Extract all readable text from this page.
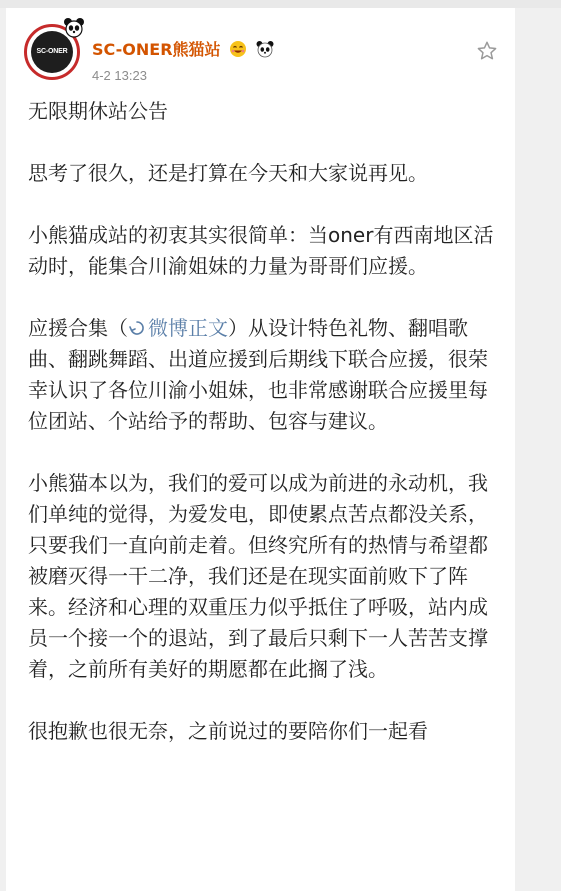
SC-ONER	SC-ONER熊猫站
4-2 13:23

无限期休站公告

思考了很久，还是打算在今天和大家说再见。

小熊猫成站的初衷其实很简单：当oner有西南地区活动时，能集合川渝姐妹的力量为哥哥们应援。

应援合集（ 微博正文）从设计特色礼物、翻唱歌曲、翻跳舞蹈、出道应援到后期线下联合应援，很荣幸认识了各位川渝小姐妹，也非常感谢联合应援里每位团站、个站给予的帮助、包容与建议。

小熊猫本以为，我们的爱可以成为前进的永动机，我们单纯的觉得，为爱发电，即使累点苦点都没关系，只要我们一直向前走着。但终究所有的热情与希望都被磨灭得一干二净，我们还是在现实面前败下了阵来。经济和心理的双重压力似乎抵住了呼吸，站内成员一个接一个的退站，到了最后只剩下一人苦苦支撑着，之前所有美好的期愿都在此搁了浅。

很抱歉也很无奈，之前说过的要陪你们一起看
